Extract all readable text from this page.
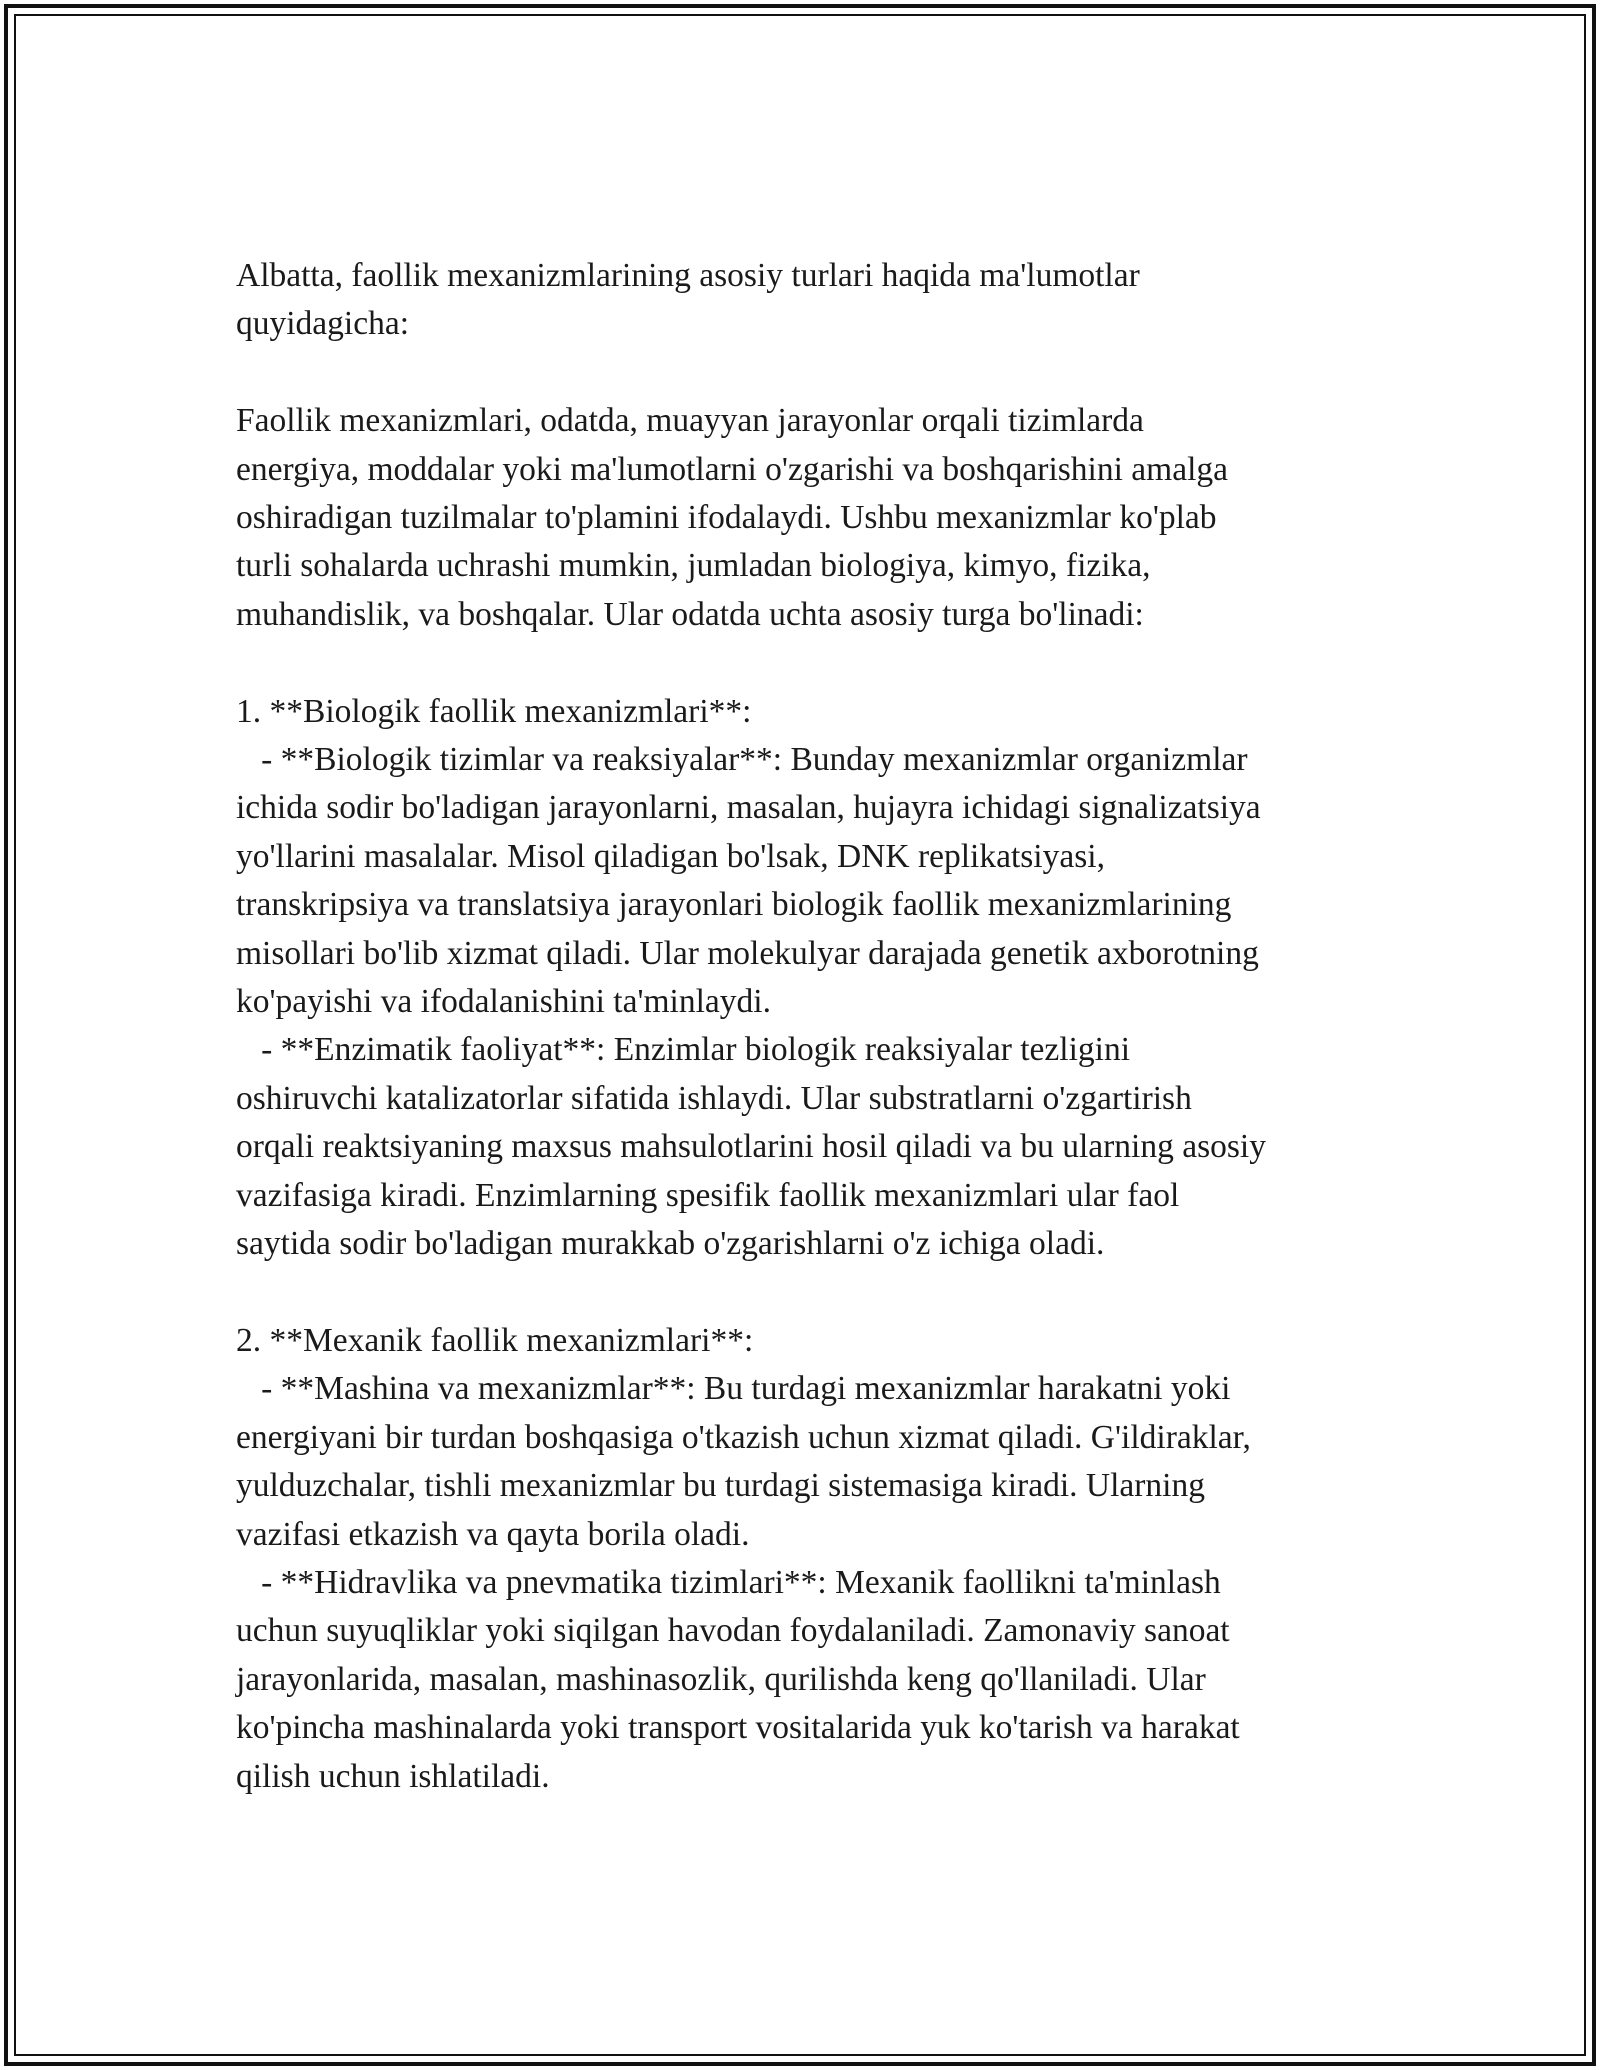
Albatta, faollik mexanizmlarining asosiy turlari haqida ma'lumotlar
quyidagicha:

Faollik mexanizmlari, odatda, muayyan jarayonlar orqali tizimlarda
energiya, moddalar yoki ma'lumotlarni o'zgarishi va boshqarishini amalga
oshiradigan tuzilmalar to'plamini ifodalaydi. Ushbu mexanizmlar ko'plab
turli sohalarda uchrashi mumkin, jumladan biologiya, kimyo, fizika,
muhandislik, va boshqalar. Ular odatda uchta asosiy turga bo'linadi:

1. **Biologik faollik mexanizmlari**:

- **Biologik tizimlar va reaksiyalar**: Bunday mexanizmlar organizmlar
ichida sodir bo'ladigan jarayonlarni, masalan, hujayra ichidagi signalizatsiya
yo'llarini masalalar. Misol qiladigan bo'lsak, DNK replikatsiyasi,
transkripsiya va translatsiya jarayonlari biologik faollik mexanizmlarining
misollari bo'lib xizmat qiladi. Ular molekulyar darajada genetik axborotning
ko'payishi va ifodalanishini ta'minlaydi.

- **Enzimatik faoliyat**: Enzimlar biologik reaksiyalar tezligini
oshiruvchi katalizatorlar sifatida ishlaydi. Ular substratlarni o'zgartirish
orqali reaktsiyaning maxsus mahsulotlarini hosil qiladi va bu ularning asosiy
vazifasiga kiradi. Enzimlarning spesifik faollik mexanizmlari ular faol
saytida sodir bo'ladigan murakkab o'zgarishlarni o'z ichiga oladi.

2. **Mexanik faollik mexanizmlari**:

- **Mashina va mexanizmlar**: Bu turdagi mexanizmlar harakatni yoki
energiyani bir turdan boshqasiga o'tkazish uchun xizmat qiladi. G'ildiraklar,
yulduzchalar, tishli mexanizmlar bu turdagi sistemasiga kiradi. Ularning
vazifasi etkazish va qayta borila oladi.

- **Hidravlika va pnevmatika tizimlari**: Mexanik faollikni ta'minlash
uchun suyuqliklar yoki siqilgan havodan foydalaniladi. Zamonaviy sanoat
jarayonlarida, masalan, mashinasozlik, qurilishda keng qo'llaniladi. Ular
ko'pincha mashinalarda yoki transport vositalarida yuk ko'tarish va harakat
qilish uchun ishlatiladi.
